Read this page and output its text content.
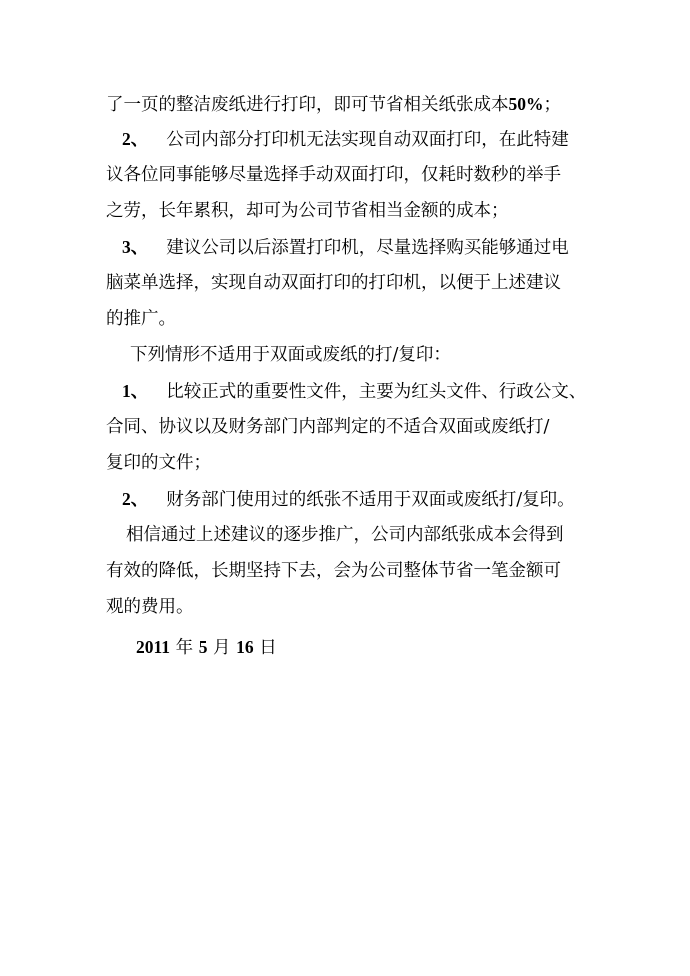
了一页的整洁废纸进行打印，即可节省相关纸张成本50%；
2、 公司内部分打印机无法实现自动双面打印，在此特建
议各位同事能够尽量选择手动双面打印，仅耗时数秒的举手
之劳，长年累积，却可为公司节省相当金额的成本；
3、 建议公司以后添置打印机，尽量选择购买能够通过电
脑菜单选择，实现自动双面打印的打印机，以便于上述建议
的推广。
下列情形不适用于双面或废纸的打/复印：
1、 比较正式的重要性文件，主要为红头文件、行政公文、
合同、协议以及财务部门内部判定的不适合双面或废纸打/
复印的文件；
2、 财务部门使用过的纸张不适用于双面或废纸打/复印。
相信通过上述建议的逐步推广，公司内部纸张成本会得到
有效的降低，长期坚持下去，会为公司整体节省一笔金额可
观的费用。
2011 年 5 月 16 日
